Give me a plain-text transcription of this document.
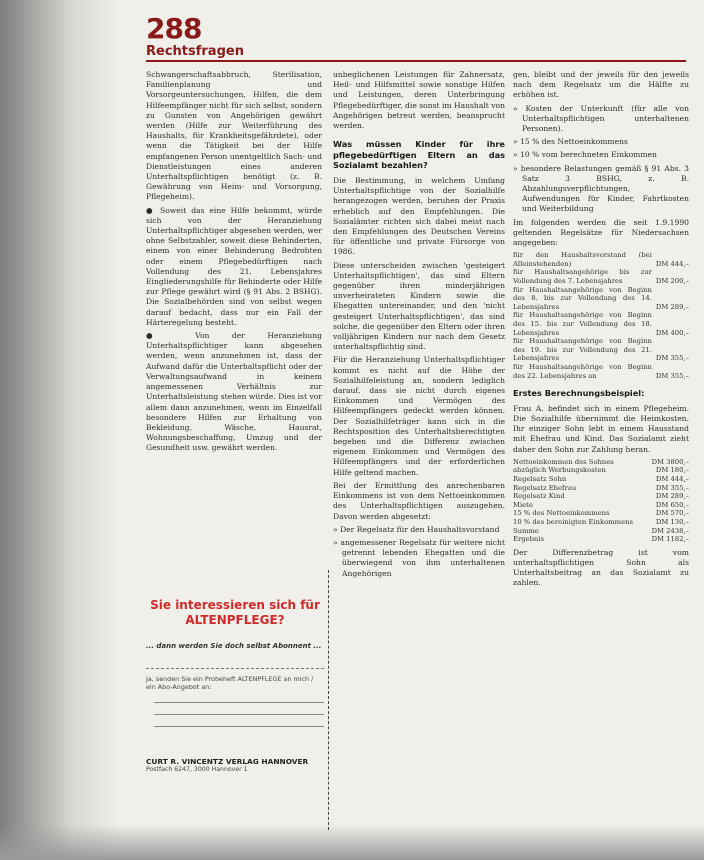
288
Rechtsfragen

Schwangerschaftsabbruch, Sterilisation, Familienplanung und Vorsorgeuntersuchungen, Hilfen, die dem Hilfeempfänger nicht für sich selbst, sondern zu Gunsten von Angehörigen gewährt werden (Hilfe zur Weiterführung des Haushalts, für Krankheitsgefährdete), oder wenn die Tätigkeit bei der Hilfe empfangenen Person unentgeltlich Sach- und Dienstleistungen eines anderen Unterhaltspflichtigen benötigt (z. B. Gewährung von Heim- und Vorsorgung, Pflegeheim).

● Soweit das eine Hilfe bekommt, würde sich von der Heranziehung Unterhaltspflichtiger abgesehen werden, wer ohne Selbstzahler, soweit diese Behinderten, einem von einer Behinderung Bedrohten oder einem Pflegebedürftigen nach Vollendung des 21. Lebensjahres Eingliederungshilfe für Behinderte oder Hilfe zur Pflege gewährt wird (§ 91 Abs. 2 BSHG). Die Sozialbehörden sind von selbst wegen darauf bedacht, dass nur ein Fall der Härteregelung besteht.

● Von der Heranziehung Unterhaltspflichtiger kann abgesehen werden, wenn anzunehmen ist, dass der Aufwand dafür die Unterhaltspflicht oder der Verwaltungsaufwand in keinem angemessenen Verhältnis zur Unterhaltsleistung stehen würde. Dies ist vor allem dann anzunehmen, wenn im Einzelfall besondere Hilfen zur Erhaltung von Bekleidung, Wäsche, Hausrat, Wohnungsbeschaffung, Umzug und der Gesundheit usw. gewährt werden.

Sie interessieren sich für ALTENPFLEGE?
... dann werden Sie doch selbst Abonnent ...
Ja, senden Sie ein Probeheft ALTENPFLEGE an mich / ein Abo-Angebot an:
CURT R. VINCENTZ VERLAG HANNOVER
Postfach 6247, 3000 Hannover 1

unbeglichenen Leistungen für Zahnersatz, Heil- und Hilfsmittel sowie sonstige Hilfen und Leistungen, deren Unterbringung Pflegebedürftiger, die sonst im Haushalt von Angehörigen betreut werden, beansprucht werden.

Was müssen Kinder für ihre pflegebedürftigen Eltern an das Sozialamt bezahlen?

Die Bestimmung, in welchem Umfang Unterhaltspflichtige von der Sozialhilfe herangezogen werden, beruhen der Praxis erheblich auf den Empfehlungen. Die Sozialämter richten sich dabei meist nach den Empfehlungen des Deutschen Vereins für öffentliche und private Fürsorge von 1986.

Diese unterscheiden zwischen 'gesteigert Unterhaltspflichtigen', das sind Eltern gegenüber ihren minderjährigen unverheirateten Kindern sowie die Ehegatten untereinander, und den 'nicht gesteigert Unterhaltspflichtigen', das sind solche, die gegenüber den Eltern oder ihren volljährigen Kindern nur nach dem Gesetz unterhaltspflichtig sind.

Für die Heranziehung Unterhaltspflichtiger kommt es nicht auf die Höhe der Sozialhilfeleistung an, sondern lediglich darauf, dass sie nicht durch eigenes Einkommen und Vermögen des Hilfeempfängers gedeckt werden können. Der Sozialhilfeträger kann sich in die Rechtsposition des Unterhaltsberechtigten begeben und die Differenz zwischen eigenem Einkommen und Vermögen des Hilfeempfängers und der erforderlichen Hilfe geltend machen.

Bei der Ermittlung des anrechenbaren Einkommens ist von dem Nettoeinkommen des Unterhaltspflichtigen auszugehen. Davon werden abgesetzt:

» Der Regelsatz für den Haushaltsvorstand

» angemessener Regelsatz für weitere nicht getrennt lebenden Ehegatten und die überwiegend von ihm unterhaltenen Angehörigen

gen, bleibt und der jeweils für den jeweils nach dem Regelsatz um die Hälfte zu erhöhen ist.

» Kosten der Unterkunft (für alle von Unterhaltspflichtigen unterhaltenen Personen).

» 15 % des Nettoeinkommens

» 10 % vom berechneten Einkommen

» besondere Belastungen gemäß § 91 Abs. 3 Satz 3 BSHG, z. B. Abzahlungsverpflichtungen, Aufwendungen für Kinder, Fahrtkosten und Weiterbildung

Im folgenden werden die seit 1.9.1990 geltenden Regelsätze für Niedersachsen angegeben:

für den Haushaltsvorstand (bei Alleinstehenden)	DM 444,–
für Haushaltsangehörige bis zur Vollendung des 7. Lebensjahres	DM 200,–
für Haushaltsangehörige von Beginn des 8. bis zur Vollendung des 14. Lebensjahres	DM 289,–
für Haushaltsangehörige von Beginn des 15. bis zur Vollendung des 18. Lebensjahres	DM 400,–
für Haushaltsangehörige von Beginn des 19. bis zur Vollendung des 21. Lebensjahres	DM 355,–
für Haushaltsangehörige von Beginn des 22. Lebensjahres an	DM 355,–
Erstes Berechnungsbeispiel:

Frau A. befindet sich in einem Pflegeheim. Die Sozialhilfe übernimmt die Heimkosten. Ihr einziger Sohn lebt in einem Hausstand mit Ehefrau und Kind. Das Sozialamt zieht daher den Sohn zur Zahlung heran.

Nettoeinkommen des Sohnes	DM 3800,–
abzüglich Werbungskosten	DM 180,–
Regelsatz Sohn	DM 444,–
Regelsatz Ehefrau	DM 355,–
Regelsatz Kind	DM 289,–
Miete	DM 650,–
15 % des Nettoeinkommens	DM 570,–
10 % des bereinigten Einkommens	DM 130,–
Summe	DM 2438,–
Ergebnis	DM 1182,–

Der Differenzbetrag ist vom unterhaltspflichtigen Sohn als Unterhaltsbeitrag an das Sozialamt zu zahlen.
